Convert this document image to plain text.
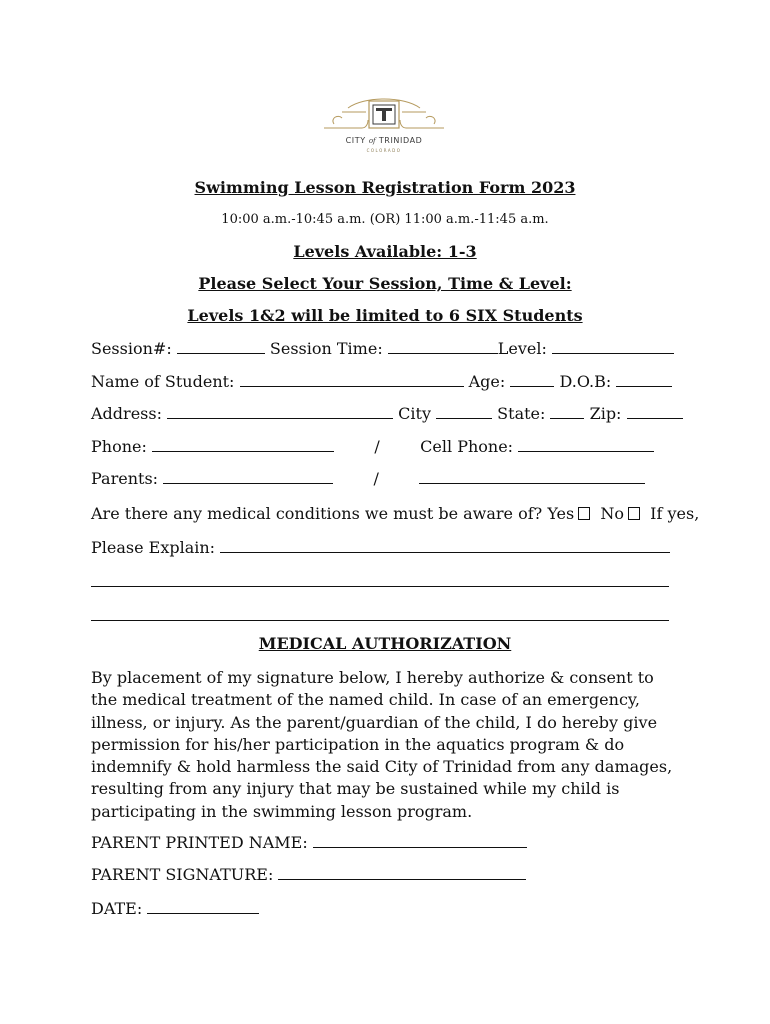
CITY of TRINIDAD
COLORADO
Swimming Lesson Registration Form 2023
10:00 a.m.-10:45 a.m. (OR) 11:00 a.m.-11:45 a.m.
Levels Available: 1-3
Please Select Your Session, Time & Level:
Levels 1&2 will be limited to 6 SIX Students
Session#:	Session Time:	Level:
Name of Student:	Age:	D.O.B:
Address:	City	State:	Zip:
Phone:	/	Cell Phone:
Parents:	/
Are there any medical conditions we must be aware of? Yes No If yes,
Please Explain:
MEDICAL AUTHORIZATION
By placement of my signature below, I hereby authorize & consent to the medical treatment of the named child. In case of an emergency, illness, or injury. As the parent/guardian of the child, I do hereby give permission for his/her participation in the aquatics program & do indemnify & hold harmless the said City of Trinidad from any damages, resulting from any injury that may be sustained while my child is participating in the swimming lesson program.
PARENT PRINTED NAME:
PARENT SIGNATURE:
DATE:
